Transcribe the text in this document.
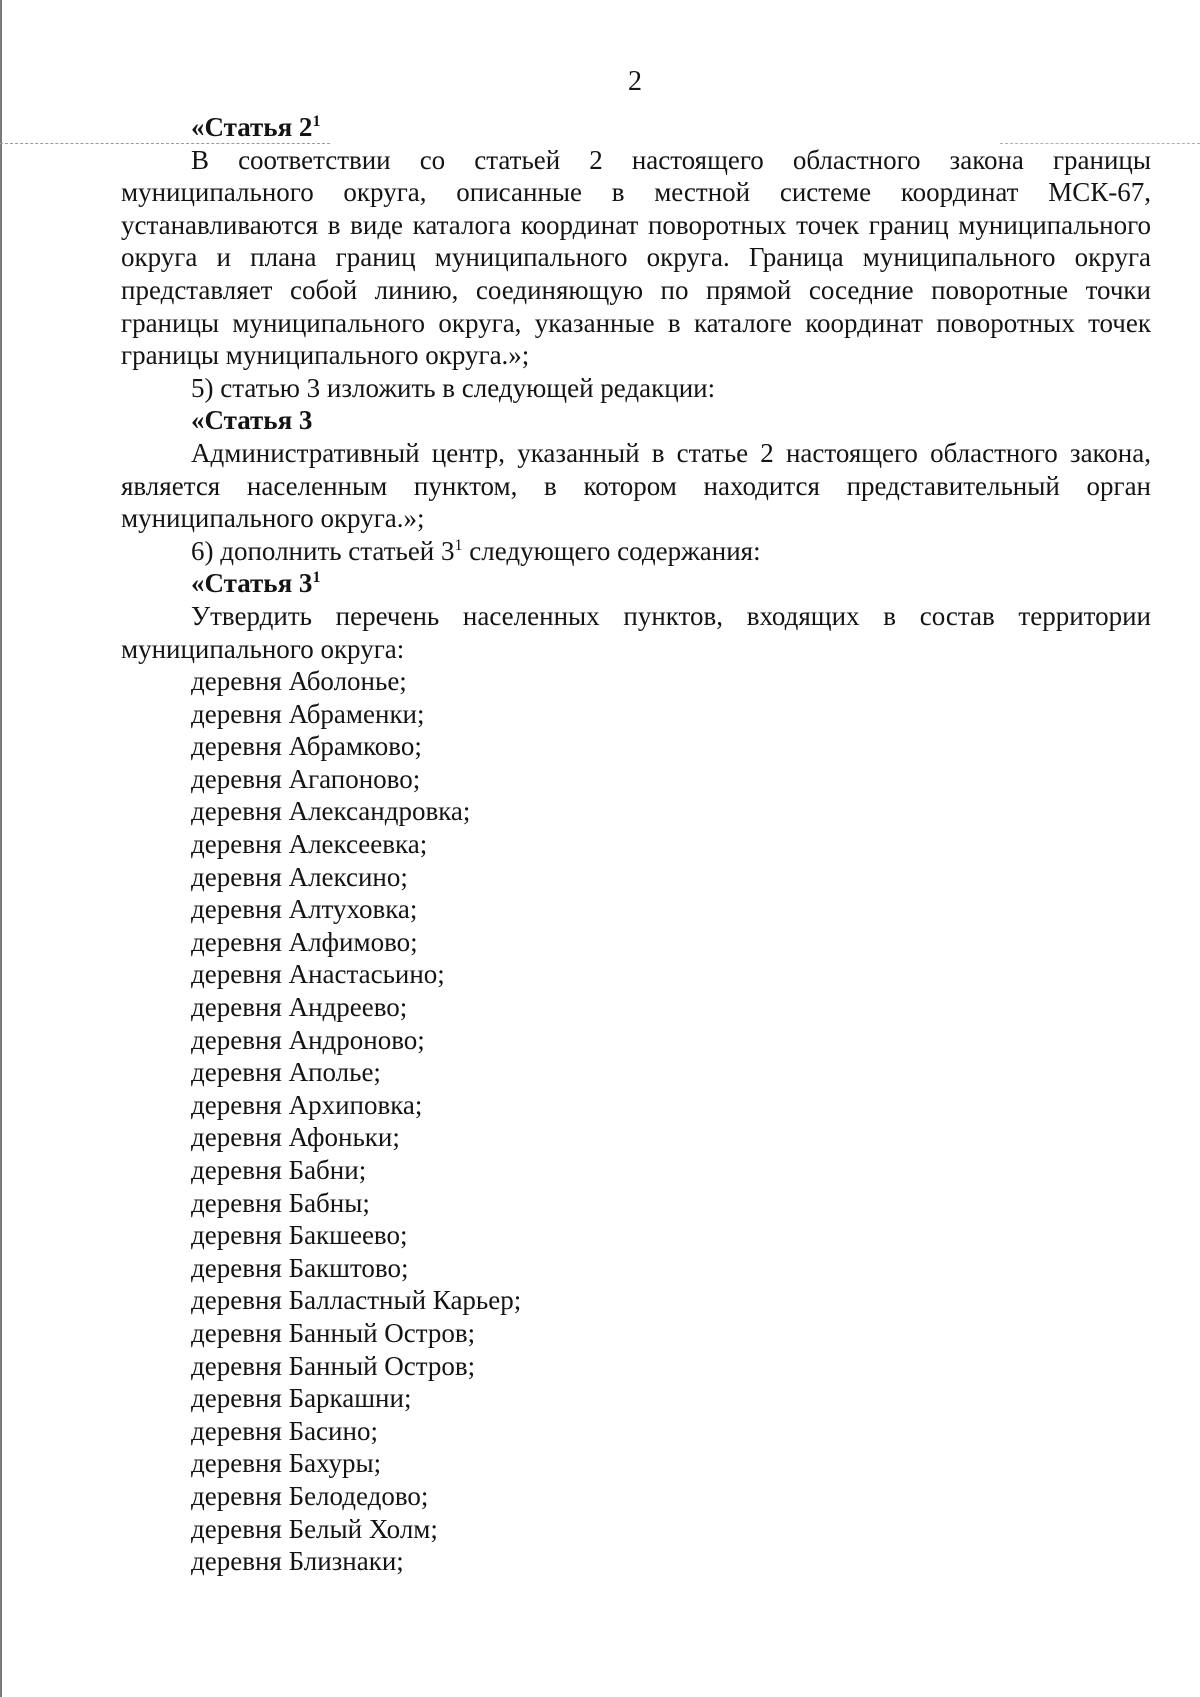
2

«Статья $2^1$

В соответствии со статьей 2 настоящего областного закона границы муниципального округа, описанные в местной системе координат МСК-67, устанавливаются в виде каталога координат поворотных точек границ муниципального округа и плана границ муниципального округа. Граница муниципального округа представляет собой линию, соединяющую по прямой соседние поворотные точки границы муниципального округа, указанные в каталоге координат поворотных точек границы муниципального округа.»;

5) статью 3 изложить в следующей редакции:

«Статья 3

Административный центр, указанный в статье 2 настоящего областного закона, является населенным пунктом, в котором находится представительный орган муниципального округа.»;

6) дополнить статьей $3^1$ следующего содержания:

«Статья $3^1$

Утвердить перечень населенных пунктов, входящих в состав территории муниципального округа:

деревня Аболонье;
деревня Абраменки;
деревня Абрамково;
деревня Агапоново;
деревня Александровка;
деревня Алексеевка;
деревня Алексино;
деревня Алтуховка;
деревня Алфимово;
деревня Анастасьино;
деревня Андреево;
деревня Андроново;
деревня Аполье;
деревня Архиповка;
деревня Афоньки;
деревня Бабни;
деревня Бабны;
деревня Бакшеево;
деревня Бакштово;
деревня Балластный Карьер;
деревня Банный Остров;
деревня Банный Остров;
деревня Баркашни;
деревня Басино;
деревня Бахуры;
деревня Белодедово;
деревня Белый Холм;
деревня Близнаки;
